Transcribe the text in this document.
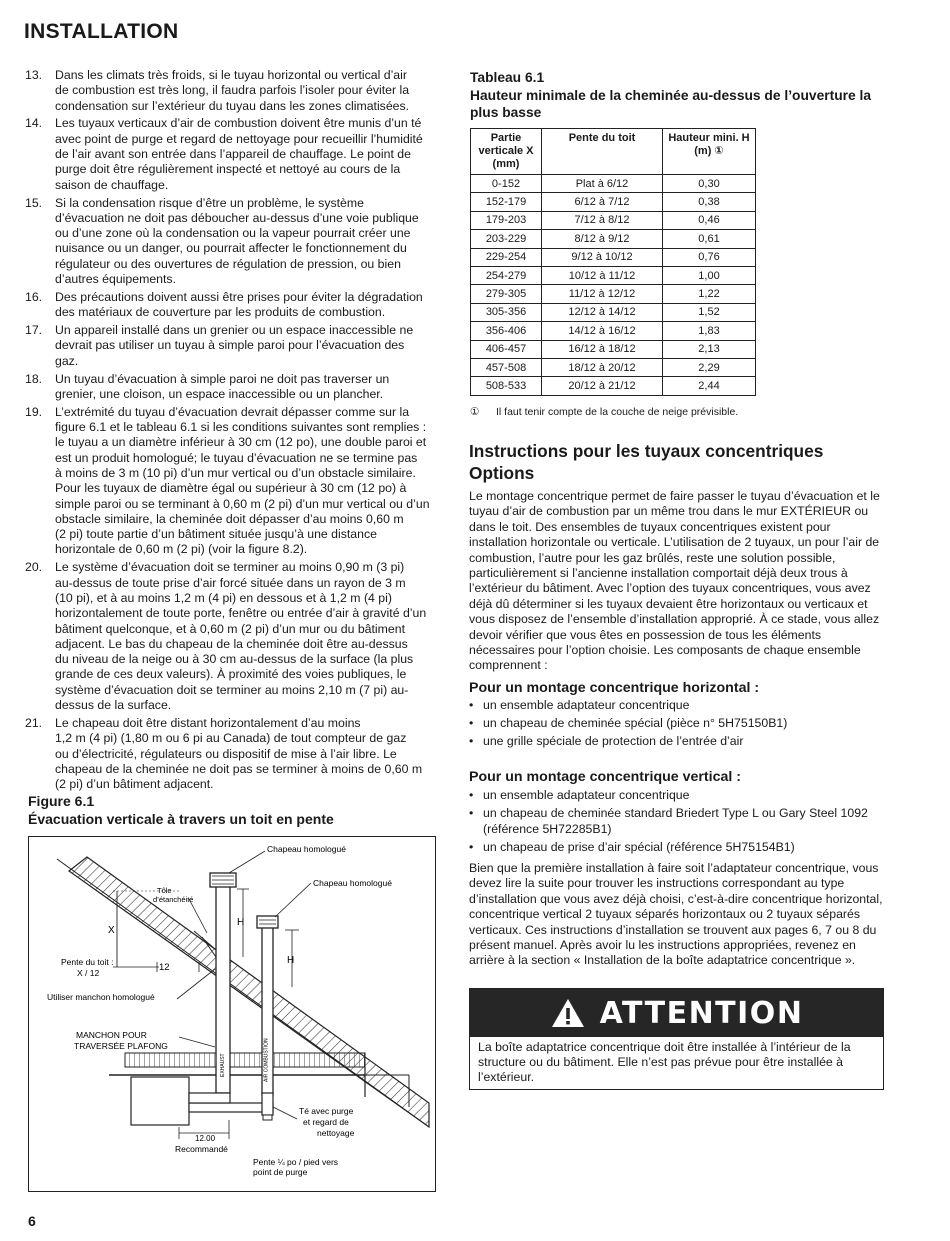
INSTALLATION
13.	Dans les climats très froids, si le tuyau horizontal ou vertical d’air
de combustion est très long, il faudra parfois l’isoler pour éviter la
condensation sur l’extérieur du tuyau dans les zones climatisées.
14.	Les tuyaux verticaux d’air de combustion doivent être munis d’un té
avec point de purge et regard de nettoyage pour recueillir l’humidité
de l’air avant son entrée dans l’appareil de chauffage. Le point de
purge doit être régulièrement inspecté et nettoyé au cours de la
saison de chauffage.
15.	Si la condensation risque d’être un problème, le système
d’évacuation ne doit pas déboucher au-dessus d’une voie publique
ou d’une zone où la condensation ou la vapeur pourrait créer une
nuisance ou un danger, ou pourrait affecter le fonctionnement du
régulateur ou des ouvertures de régulation de pression, ou bien
d’autres équipements.
16.	Des précautions doivent aussi être prises pour éviter la dégradation
des matériaux de couverture par les produits de combustion.
17.	Un appareil installé dans un grenier ou un espace inaccessible ne
devrait pas utiliser un tuyau à simple paroi pour l’évacuation des
gaz.
18.	Un tuyau d’évacuation à simple paroi ne doit pas traverser un
grenier, une cloison, un espace inaccessible ou un plancher.
19.	L’extrémité du tuyau d’évacuation devrait dépasser comme sur la
figure 6.1 et le tableau 6.1 si les conditions suivantes sont remplies :
le tuyau a un diamètre inférieur à 30 cm (12 po), une double paroi et
est un produit homologué; le tuyau d’évacuation ne se termine pas
à moins de 3 m (10 pi) d’un mur vertical ou d’un obstacle similaire.
Pour les tuyaux de diamètre égal ou supérieur à 30 cm (12 po) à
simple paroi ou se terminant à 0,60 m (2 pi) d’un mur vertical ou d’un
obstacle similaire, la cheminée doit dépasser d’au moins 0,60 m
(2 pi) toute partie d’un bâtiment située jusqu’à une distance
horizontale de 0,60 m (2 pi) (voir la figure 8.2).
20.	Le système d’évacuation doit se terminer au moins 0,90 m (3 pi)
au-dessus de toute prise d’air forcé située dans un rayon de 3 m
(10 pi), et à au moins 1,2 m (4 pi) en dessous et à 1,2 m (4 pi)
horizontalement de toute porte, fenêtre ou entrée d’air à gravité d’un
bâtiment quelconque, et à 0,60 m (2 pi) d’un mur ou du bâtiment
adjacent. Le bas du chapeau de la cheminée doit être au-dessus
du niveau de la neige ou à 30 cm au-dessus de la surface (la plus
grande de ces deux valeurs). À proximité des voies publiques, le
système d’évacuation doit se terminer au moins 2,10 m (7 pi) au-
dessus de la surface.
21.	Le chapeau doit être distant horizontalement d’au moins
1,2 m (4 pi) (1,80 m ou 6 pi au Canada) de tout compteur de gaz
ou d’électricité, régulateurs ou dispositif de mise à l’air libre. Le
chapeau de la cheminée ne doit pas se terminer à moins de 0,60 m
(2 pi) d’un bâtiment adjacent.
Figure 6.1
Évacuation verticale à travers un toit en pente
EXHAUST	AIR COMBUSTION
X
12
H
H
Chapeau homologué
Chapeau homologué
Tôle
d’étanchéité
Pente du toit :
X / 12
Utiliser manchon homologué
MANCHON POUR
TRAVERSÉE PLAFONG
Té avec purge
et regard de
nettoyage
12.00
Recommandé
Pente ¼ po / pied vers
point de purge
Tableau 6.1
Hauteur minimale de la cheminée au-dessus de l’ouverture la plus basse
Partie verticale X (mm)	Pente du toit	Hauteur mini. H (m) ①
0-152	Plat à 6/12	0,30
152-179	6/12 à 7/12	0,38
179-203	7/12 à 8/12	0,46
203-229	8/12 à 9/12	0,61
229-254	9/12 à 10/12	0,76
254-279	10/12 à 11/12	1,00
279-305	11/12 à 12/12	1,22
305-356	12/12 à 14/12	1,52
356-406	14/12 à 16/12	1,83
406-457	16/12 à 18/12	2,13
457-508	18/12 à 20/12	2,29
508-533	20/12 à 21/12	2,44
① Il faut tenir compte de la couche de neige prévisible.
Instructions pour les tuyaux concentriques Options
Le montage concentrique permet de faire passer le tuyau d’évacuation et le tuyau d’air de combustion par un même trou dans le mur EXTÉRIEUR ou dans le toit. Des ensembles de tuyaux concentriques existent pour installation horizontale ou verticale. L’utilisation de 2 tuyaux, un pour l’air de combustion, l’autre pour les gaz brûlés, reste une solution possible, particulièrement si l’ancienne installation comportait déjà deux trous à l’extérieur du bâtiment. Avec l’option des tuyaux concentriques, vous avez déjà dû déterminer si les tuyaux devaient être horizontaux ou verticaux et vous disposez de l’ensemble d’installation approprié. À ce stade, vous allez devoir vérifier que vous êtes en possession de tous les éléments nécessaires pour l’option choisie. Les composants de chaque ensemble comprennent :
Pour un montage concentrique horizontal :
• un ensemble adaptateur concentrique
• un chapeau de cheminée spécial (pièce n° 5H75150B1)
• une grille spéciale de protection de l’entrée d’air
Pour un montage concentrique vertical :
• un ensemble adaptateur concentrique
• un chapeau de cheminée standard Briedert Type L ou Gary Steel 1092 (référence 5H72285B1)
• un chapeau de prise d’air spécial (référence 5H75154B1)
Bien que la première installation à faire soit l’adaptateur concentrique, vous devez lire la suite pour trouver les instructions correspondant au type d’installation que vous avez déjà choisi, c’est-à-dire concentrique horizontal, concentrique vertical 2 tuyaux séparés horizontaux ou 2 tuyaux séparés verticaux. Ces instructions d’installation se trouvent aux pages 6, 7 ou 8 du présent manuel. Après avoir lu les instructions appropriées, revenez en arrière à la section « Installation de la boîte adaptatrice concentrique ».
ATTENTION
La boîte adaptatrice concentrique doit être installée à l’intérieur de la structure ou du bâtiment. Elle n’est pas prévue pour être installée à l’extérieur.
6
